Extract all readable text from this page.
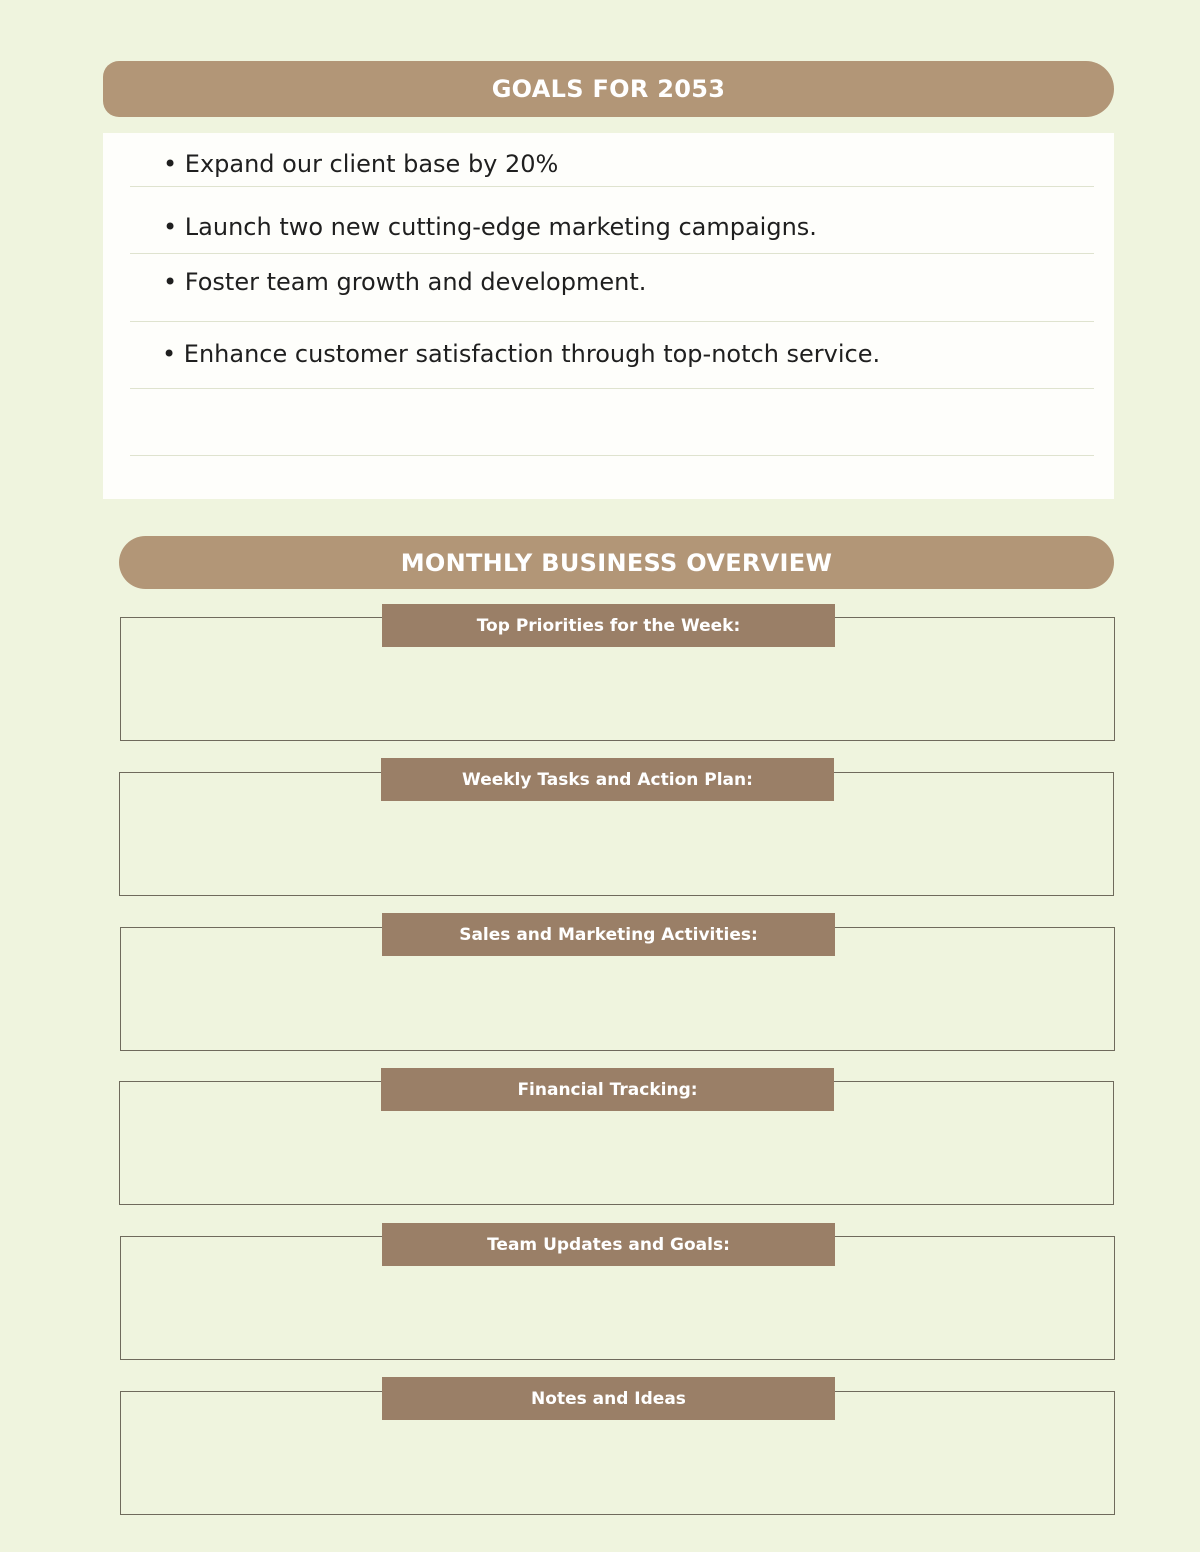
GOALS FOR 2053
• Expand our client base by 20%
• Launch two new cutting-edge marketing campaigns.
• Foster team growth and development.
• Enhance customer satisfaction through top-notch service.
MONTHLY BUSINESS OVERVIEW
Top Priorities for the Week:
Weekly Tasks and Action Plan:
Sales and Marketing Activities:
Financial Tracking:
Team Updates and Goals:
Notes and Ideas
